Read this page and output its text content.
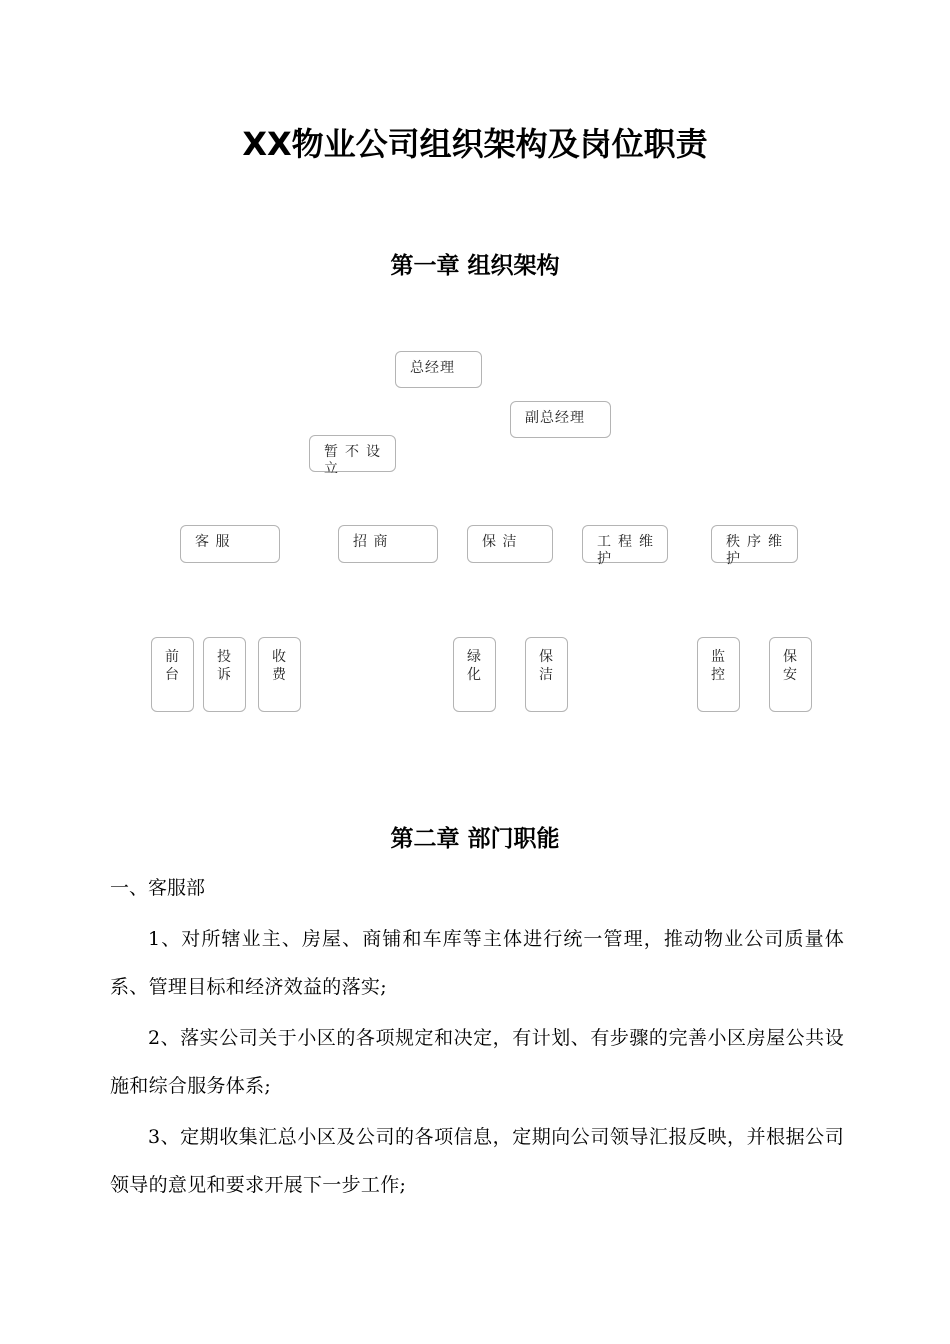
XX物业公司组织架构及岗位职责
第一章 组织架构
总经理
副总经理
暂不设立
客 服	招 商	保 洁	工程维护
秩序维护
前台
投诉
收费
绿化
保洁
监控
保安
第二章 部门职能
一、客服部
1、对所辖业主、房屋、商铺和车库等主体进行统一管理，推动物业公司质量体系、管理目标和经济效益的落实;
2、落实公司关于小区的各项规定和决定，有计划、有步骤的完善小区房屋公共设施和综合服务体系;
3、定期收集汇总小区及公司的各项信息，定期向公司领导汇报反映，并根据公司领导的意见和要求开展下一步工作;
